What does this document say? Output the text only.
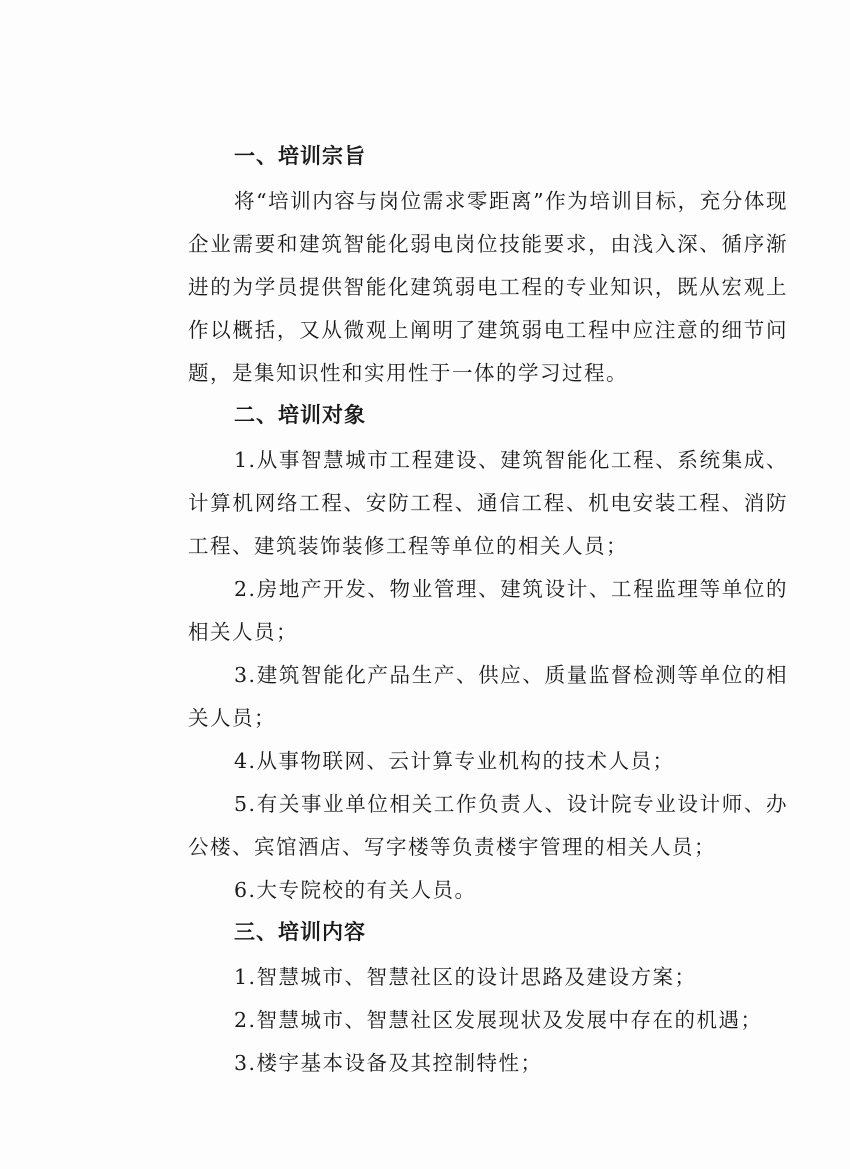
一、培训宗旨

将“培训内容与岗位需求零距离”作为培训目标，充分体现企业需要和建筑智能化弱电岗位技能要求，由浅入深、循序渐进的为学员提供智能化建筑弱电工程的专业知识，既从宏观上作以概括，又从微观上阐明了建筑弱电工程中应注意的细节问题，是集知识性和实用性于一体的学习过程。

二、培训对象

1.从事智慧城市工程建设、建筑智能化工程、系统集成、计算机网络工程、安防工程、通信工程、机电安装工程、消防工程、建筑装饰装修工程等单位的相关人员；

2.房地产开发、物业管理、建筑设计、工程监理等单位的相关人员；

3.建筑智能化产品生产、供应、质量监督检测等单位的相关人员；

4.从事物联网、云计算专业机构的技术人员；

5.有关事业单位相关工作负责人、设计院专业设计师、办公楼、宾馆酒店、写字楼等负责楼宇管理的相关人员；

6.大专院校的有关人员。

三、培训内容

1.智慧城市、智慧社区的设计思路及建设方案；

2.智慧城市、智慧社区发展现状及发展中存在的机遇；

3.楼宇基本设备及其控制特性；
